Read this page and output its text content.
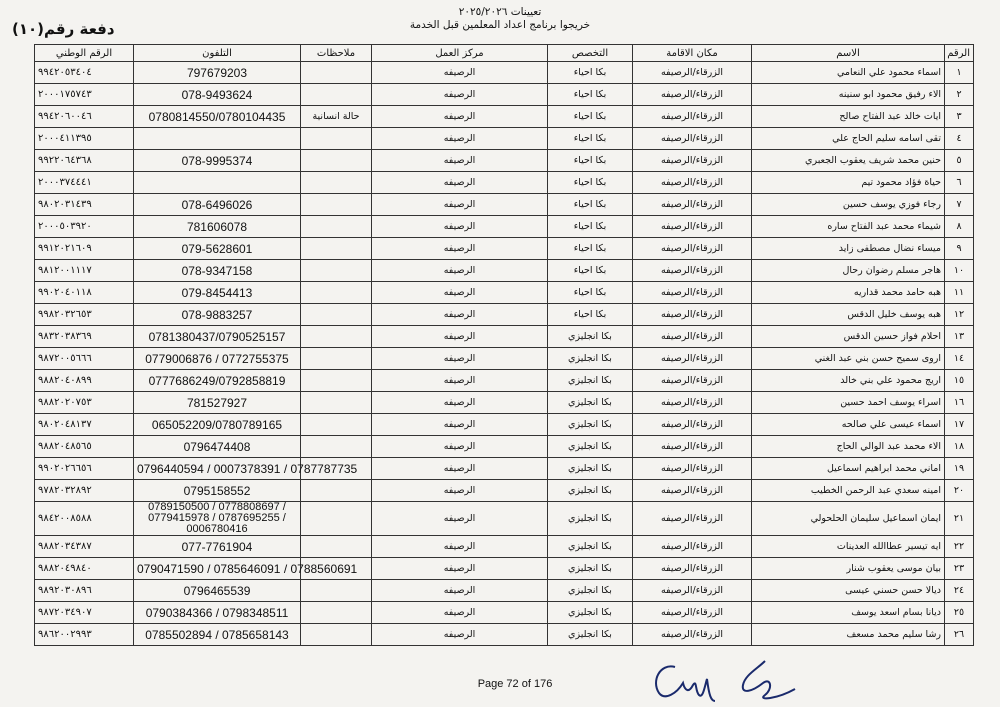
تعيينات ٢٠٢٥/٢٠٢٦
خريجوا برنامج اعداد المعلمين قبل الخدمة
دفعة رقم(١٠)
الرقم	الاسم	مكان الاقامة	التخصص	مركز العمل	ملاحظات	التلفون	الرقم الوطني
١	اسماء محمود علي النعامي	الزرقاء/الرصيفه	بكا احياء	الرصيفه		797679203	٩٩٤٢٠٥٣٤٠٤
٢	الاء رفيق محمود ابو سنينه	الزرقاء/الرصيفه	بكا احياء	الرصيفه		078-9493624	٢٠٠٠١٧٥٧٤٣
٣	ايات خالد عبد الفتاح صالح	الزرقاء/الرصيفه	بكا احياء	الرصيفه	حالة انسانية	0780814550/0780104435	٩٩٤٢٠٦٠٠٤٦
٤	تقى اسامه سليم الحاج علي	الزرقاء/الرصيفه	بكا احياء	الرصيفه			٢٠٠٠٤١١٣٩٥
٥	حنين محمد شريف يعقوب الجعبري	الزرقاء/الرصيفه	بكا احياء	الرصيفه		078-9995374	٩٩٢٢٠٦٤٣٦٨
٦	حياة فؤاد محمود تيم	الزرقاء/الرصيفه	بكا احياء	الرصيفه			٢٠٠٠٣٧٤٤٤١
٧	رجاء فوزي يوسف حسين	الزرقاء/الرصيفه	بكا احياء	الرصيفه		078-6496026	٩٨٠٢٠٣١٤٣٩
٨	شيماء محمد عبد الفتاح ساره	الزرقاء/الرصيفه	بكا احياء	الرصيفه		781606078	٢٠٠٠٥٠٣٩٢٠
٩	ميساء نضال مصطفى زايد	الزرقاء/الرصيفه	بكا احياء	الرصيفه		079-5628601	٩٩١٢٠٢١٦٠٩
١٠	هاجر مسلم رضوان رحال	الزرقاء/الرصيفه	بكا احياء	الرصيفه		078-9347158	٩٨١٢٠٠١١١٧
١١	هبه حامد محمد قداريه	الزرقاء/الرصيفه	بكا احياء	الرصيفه		079-8454413	٩٩٠٢٠٤٠١١٨
١٢	هبه يوسف خليل الدقس	الزرقاء/الرصيفه	بكا احياء	الرصيفه		078-9883257	٩٩٨٢٠٣٢٦٥٣
١٣	احلام فواز حسين الدقس	الزرقاء/الرصيفه	بكا انجليزي	الرصيفه		0781380437/0790525157	٩٨٣٢٠٣٨٣٦٩
١٤	اروى سميح حسن بني عبد الغني	الزرقاء/الرصيفه	بكا انجليزي	الرصيفه		0779006876 / 0772755375	٩٨٧٢٠٠٥٦٦٦
١٥	اريج محمود علي بني خالد	الزرقاء/الرصيفه	بكا انجليزي	الرصيفه		0777686249/0792858819	٩٨٨٢٠٤٠٨٩٩
١٦	اسراء يوسف احمد حسين	الزرقاء/الرصيفه	بكا انجليزي	الرصيفه		781527927	٩٨٨٢٠٢٠٧٥٣
١٧	اسماء عيسى علي صالحه	الزرقاء/الرصيفه	بكا انجليزي	الرصيفه		065052209/0780789165	٩٨٠٢٠٤٨١٣٧
١٨	الاء محمد عبد الوالي الحاج	الزرقاء/الرصيفه	بكا انجليزي	الرصيفه		0796474408	٩٨٨٢٠٤٨٥٦٥
١٩	اماني محمد ابراهيم اسماعيل	الزرقاء/الرصيفه	بكا انجليزي	الرصيفه		0796440594 / 0007378391 / 0787787735	٩٩٠٢٠٢٦٦٥٦
٢٠	امينه سعدي عبد الرحمن الخطيب	الزرقاء/الرصيفه	بكا انجليزي	الرصيفه		0795158552	٩٧٨٢٠٣٢٨٩٢
٢١	ايمان اسماعيل سليمان الحلحولي	الزرقاء/الرصيفه	بكا انجليزي	الرصيفه		0789150500 / 0778808697 / 0779415978 / 0787695255 / 0006780416	٩٨٤٢٠٠٨٥٨٨
٢٢	ايه تيسير عطاالله العدينات	الزرقاء/الرصيفه	بكا انجليزي	الرصيفه		077-7761904	٩٨٨٢٠٣٤٣٨٧
٢٣	بيان موسى يعقوب شنار	الزرقاء/الرصيفه	بكا انجليزي	الرصيفه		0790471590 / 0785646091 / 0788560691	٩٨٨٢٠٤٩٨٤٠
٢٤	ديالا حسن حسني عيسى	الزرقاء/الرصيفه	بكا انجليزي	الرصيفه		0796465539	٩٨٩٢٠٣٠٨٩٦
٢٥	ديانا بسام اسعد يوسف	الزرقاء/الرصيفه	بكا انجليزي	الرصيفه		0790384366 / 0798348511	٩٨٧٢٠٣٤٩٠٧
٢٦	رشا سليم محمد مسعف	الزرقاء/الرصيفه	بكا انجليزي	الرصيفه		0785502894 / 0785658143	٩٨٦٢٠٠٢٩٩٣
Page 72 of 176
